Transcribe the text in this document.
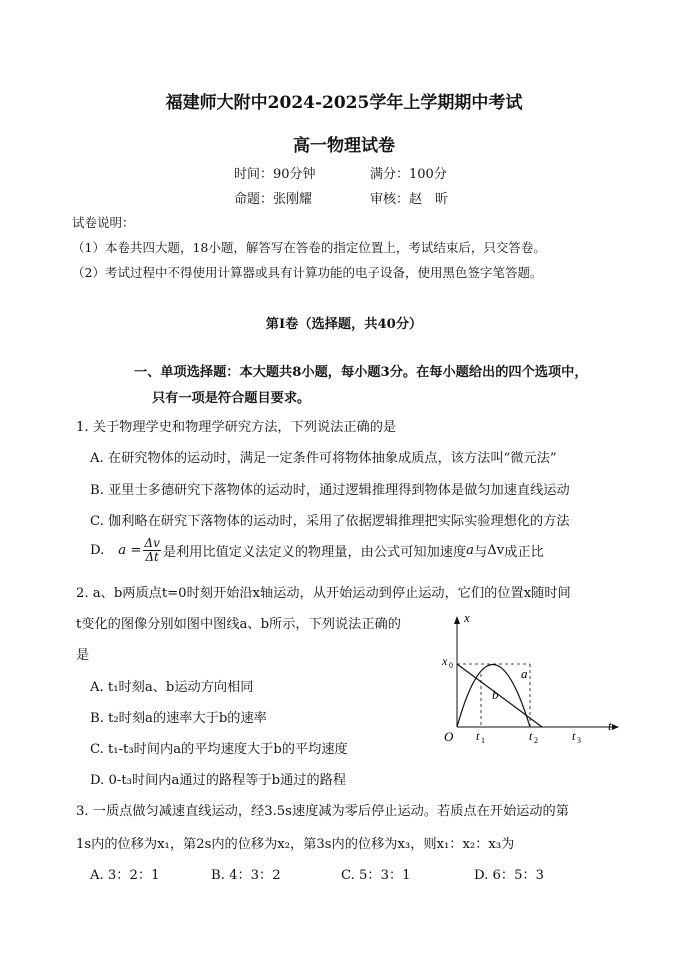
福建师大附中2024-2025学年上学期期中考试
高一物理试卷
时间：90分钟	满分：100分
命题：张刚耀	审核：赵　昕
试卷说明：
（1）本卷共四大题，18小题，解答写在答卷的指定位置上，考试结束后，只交答卷。
（2）考试过程中不得使用计算器或具有计算功能的电子设备，使用黑色签字笔答题。
第Ⅰ卷（选择题，共40分）
一、单项选择题：本大题共8小题，每小题3分。在每小题给出的四个选项中，
只有一项是符合题目要求。
1. 关于物理学史和物理学研究方法，下列说法正确的是
A. 在研究物体的运动时，满足一定条件可将物体抽象成质点，该方法叫“微元法”
B. 亚里士多德研究下落物体的运动时，通过逻辑推理得到物体是做匀加速直线运动
C. 伽利略在研究下落物体的运动时，采用了依据逻辑推理把实际实验理想化的方法
D. $a = \frac{\Delta v}{\Delta t}$ 是利用比值定义法定义的物理量，由公式可知加速度 a 与 Δv 成正比
2. a、b两质点t=0时刻开始沿x轴运动，从开始运动到停止运动，它们的位置x随时间
t变化的图像分别如图中图线a、b所示，下列说法正确的
是
A. t₁时刻a、b运动方向相同
B. t₂时刻a的速率大于b的速率
C. t₁-t₃时间内a的平均速度大于b的平均速度
D. 0-t₃时间内a通过的路程等于b通过的路程
x
t
O
x 0
a
b
t 1	t 2	t 3
3. 一质点做匀减速直线运动，经3.5s速度减为零后停止运动。若质点在开始运动的第
1s内的位移为x₁，第2s内的位移为x₂，第3s内的位移为x₃，则x₁：x₂：x₃为
A. 3：2：1	B. 4：3：2	C. 5：3：1	D. 6：5：3
